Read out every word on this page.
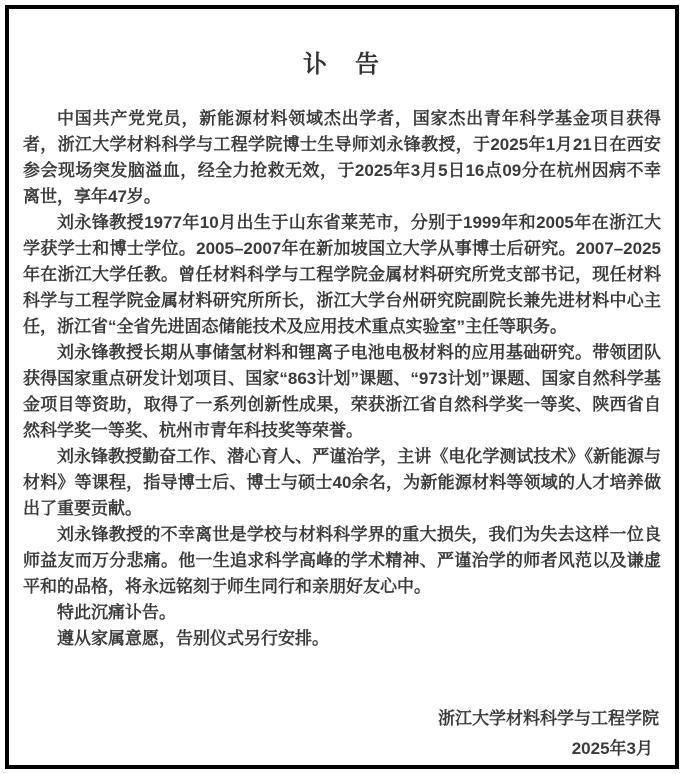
讣　告

中国共产党党员，新能源材料领域杰出学者，国家杰出青年科学基金项目获得者，浙江大学材料科学与工程学院博士生导师刘永锋教授，于2025年1月21日在西安参会现场突发脑溢血，经全力抢救无效，于2025年3月5日16点09分在杭州因病不幸离世，享年47岁。

刘永锋教授1977年10月出生于山东省莱芜市，分别于1999年和2005年在浙江大学获学士和博士学位。2005–2007年在新加坡国立大学从事博士后研究。2007–2025年在浙江大学任教。曾任材料科学与工程学院金属材料研究所党支部书记，现任材料科学与工程学院金属材料研究所所长，浙江大学台州研究院副院长兼先进材料中心主任，浙江省“全省先进固态储能技术及应用技术重点实验室”主任等职务。

刘永锋教授长期从事储氢材料和锂离子电池电极材料的应用基础研究。带领团队获得国家重点研发计划项目、国家“863计划”课题、“973计划”课题、国家自然科学基金项目等资助，取得了一系列创新性成果，荣获浙江省自然科学奖一等奖、陕西省自然科学奖一等奖、杭州市青年科技奖等荣誉。

刘永锋教授勤奋工作、潜心育人、严谨治学，主讲《电化学测试技术》《新能源与材料》等课程，指导博士后、博士与硕士40余名，为新能源材料等领域的人才培养做出了重要贡献。

刘永锋教授的不幸离世是学校与材料科学界的重大损失，我们为失去这样一位良师益友而万分悲痛。他一生追求科学高峰的学术精神、严谨治学的师者风范以及谦虚平和的品格，将永远铭刻于师生同行和亲朋好友心中。

特此沉痛讣告。

遵从家属意愿，告别仪式另行安排。

浙江大学材料科学与工程学院

2025年3月
